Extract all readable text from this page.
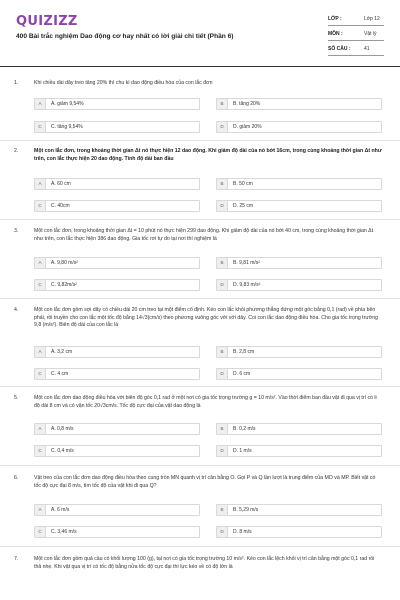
QUIZIZZ
400 Bài trắc nghiệm Dao động cơ hay nhất có lời giải chi tiết (Phần 6)
LỚP :	Lớp 12
MÔN :	Vật lý
SỐ CÂU :	41
1.	Khi chiều dài dây treo tăng 20% thì chu kì dao động điều hòa của con lắc đơn
A	A. giảm 9,54%	B	B. tăng 20%
C	C. tăng 9,54%	D	D. giảm 20%
2.	Một con lắc đơn, trong khoảng thời gian Δt nó thực hiện 12 dao động. Khi giảm độ dài của nó bớt 16cm, trong cùng khoảng thời gian Δt như trên, con lắc thực hiện 20 dao động. Tính độ dài ban đầu
A	A. 60 cm	B	B. 50 cm
C	C. 40cm	D	D. 25 cm
3.	Một con lắc đơn, trong khoảng thời gian Δt = 10 phút nó thực hiện 299 dao động. Khi giảm độ dài của nó bớt 40 cm, trong cùng khoảng thời gian Δt như trên, con lắc thực hiện 386 dao động. Gia tốc rơi tự do tại nơi thí nghiệm là
A	A. 9,80 m/s²	B	B. 9,81 m/s²
C	C. 9,82m/s²	D	D. 9,83 m/s²
4.	Một con lắc đơn gồm sợi dây có chiều dài 20 cm treo tại một điểm cố định. Kéo con lắc khỏi phương thẳng đứng một góc bằng 0,1 (rad) về phía bên phải, rồi truyền cho con lắc một tốc độ bằng 14√3(cm/s) theo phương vuông góc với với dây. Coi con lắc dao động điều hòa. Cho gia tốc trọng trường 9,8 (m/s²). Biên độ dài của con lắc là
A	A. 3,2 cm	B	B. 2,8 cm
C	C. 4 cm	D	D. 6 cm
5.	Một con lắc đơn dao động điều hòa với biên độ góc 0,1 rad ở một nơi có gia tốc trọng trường g = 10 m/s². Vào thời điểm ban đầu vật đi qua vị trí có li độ dài 8 cm và có vận tốc 20√3cm/s. Tốc độ cực đại của vật dao động là
A	A. 0,8 m/s	B	B. 0,2 m/s
C	C. 0,4 m/s	D	D. 1 m/s
6.	Vật treo của con lắc đơn dao động điều hòa theo cung tròn MN quanh vị trí cân bằng O. Gọi P và Q lần lượt là trung điểm của MO và MP. Biết vật có tốc độ cực đại 8 m/s, tìm tốc độ của vật khi đi qua Q?
A	A. 6 m/s	B	B. 5,29 m/s
C	C. 3,46 m/s	D	D. 8 m/s
7.	Một con lắc đơn gồm quả cầu có khối lượng 100 (g), tại nơi có gia tốc trọng trường 10 m/s². Kéo con lắc lệch khỏi vị trí cân bằng một góc 0,1 rad rồi thả nhẹ. Khi vật qua vị trí có tốc độ bằng nửa tốc độ cực đại thì lực kéo về có độ lớn là
